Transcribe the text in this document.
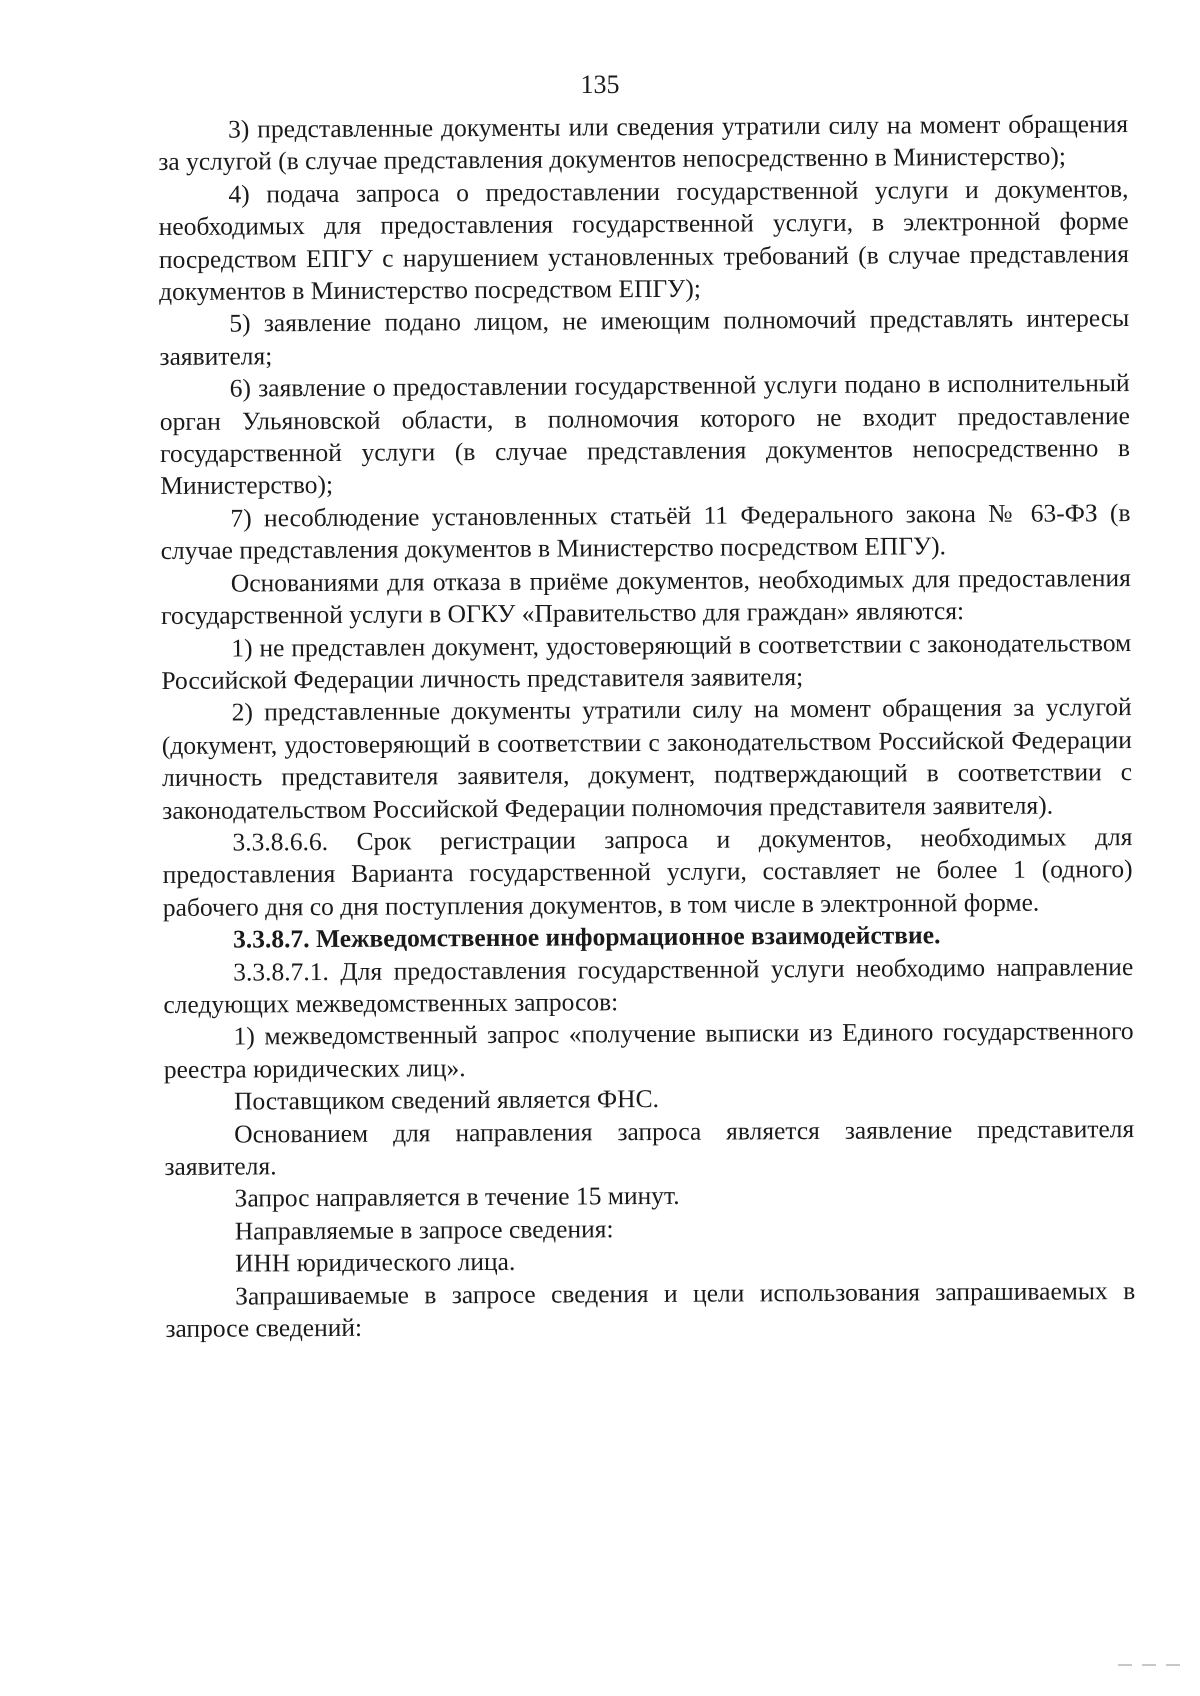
135

3) представленные документы или сведения утратили силу на момент обращения за услугой (в случае представления документов непосредственно в Министерство);

4) подача запроса о предоставлении государственной услуги и документов, необходимых для предоставления государственной услуги, в электронной форме посредством ЕПГУ с нарушением установленных требований (в случае представления документов в Министерство посредством ЕПГУ);

5) заявление подано лицом, не имеющим полномочий представлять интересы заявителя;

6) заявление о предоставлении государственной услуги подано в исполнительный орган Ульяновской области, в полномочия которого не входит предоставление государственной услуги (в случае представления документов непосредственно в Министерство);

7) несоблюдение установленных статьёй 11 Федерального закона № 63-ФЗ (в случае представления документов в Министерство посредством ЕПГУ).

Основаниями для отказа в приёме документов, необходимых для предоставления государственной услуги в ОГКУ «Правительство для граждан» являются:

1) не представлен документ, удостоверяющий в соответствии с законодательством Российской Федерации личность представителя заявителя;

2) представленные документы утратили силу на момент обращения за услугой (документ, удостоверяющий в соответствии с законодательством Российской Федерации личность представителя заявителя, документ, подтверждающий в соответствии с законодательством Российской Федерации полномочия представителя заявителя).

3.3.8.6.6. Срок регистрации запроса и документов, необходимых для предоставления Варианта государственной услуги, составляет не более 1 (одного) рабочего дня со дня поступления документов, в том числе в электронной форме.

3.3.8.7. Межведомственное информационное взаимодействие.

3.3.8.7.1. Для предоставления государственной услуги необходимо направление следующих межведомственных запросов:

1) межведомственный запрос «получение выписки из Единого государственного реестра юридических лиц».

Поставщиком сведений является ФНС.

Основанием для направления запроса является заявление представителя заявителя.

Запрос направляется в течение 15 минут.

Направляемые в запросе сведения:

ИНН юридического лица.

Запрашиваемые в запросе сведения и цели использования запрашиваемых в запросе сведений:
